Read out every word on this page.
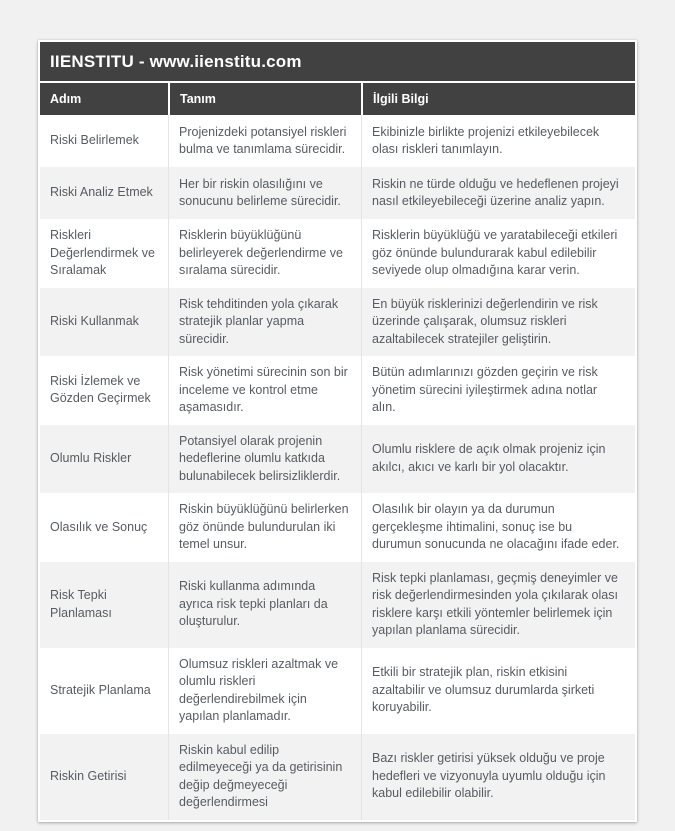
IIENSTITU - www.iienstitu.com
Adım	Tanım	İlgili Bilgi
Riski Belirlemek
Projenizdeki potansiyel riskleri bulma ve tanımlama sürecidir.
Ekibinizle birlikte projenizi etkileyebilecek olası riskleri tanımlayın.
Riski Analiz Etmek
Her bir riskin olasılığını ve sonucunu belirleme sürecidir.
Riskin ne türde olduğu ve hedeflenen projeyi nasıl etkileyebileceği üzerine analiz yapın.
Riskleri Değerlendirmek ve Sıralamak
Risklerin büyüklüğünü belirleyerek değerlendirme ve sıralama sürecidir.
Risklerin büyüklüğü ve yaratabileceği etkileri göz önünde bulundurarak kabul edilebilir seviyede olup olmadığına karar verin.
Riski Kullanmak
Risk tehditinden yola çıkarak stratejik planlar yapma sürecidir.
En büyük risklerinizi değerlendirin ve risk üzerinde çalışarak, olumsuz riskleri azaltabilecek stratejiler geliştirin.
Riski İzlemek ve Gözden Geçirmek
Risk yönetimi sürecinin son bir inceleme ve kontrol etme aşamasıdır.
Bütün adımlarınızı gözden geçirin ve risk yönetim sürecini iyileştirmek adına notlar alın.
Olumlu Riskler
Potansiyel olarak projenin hedeflerine olumlu katkıda bulunabilecek belirsizliklerdir.
Olumlu risklere de açık olmak projeniz için akılcı, akıcı ve karlı bir yol olacaktır.
Olasılık ve Sonuç
Riskin büyüklüğünü belirlerken göz önünde bulundurulan iki temel unsur.
Olasılık bir olayın ya da durumun gerçekleşme ihtimalini, sonuç ise bu durumun sonucunda ne olacağını ifade eder.
Risk Tepki Planlaması
Riski kullanma adımında ayrıca risk tepki planları da oluşturulur.
Risk tepki planlaması, geçmiş deneyimler ve risk değerlendirmesinden yola çıkılarak olası risklere karşı etkili yöntemler belirlemek için yapılan planlama sürecidir.
Stratejik Planlama
Olumsuz riskleri azaltmak ve olumlu riskleri değerlendirebilmek için yapılan planlamadır.
Etkili bir stratejik plan, riskin etkisini azaltabilir ve olumsuz durumlarda şirketi koruyabilir.
Riskin Getirisi
Riskin kabul edilip edilmeyeceği ya da getirisinin değip değmeyeceği değerlendirmesi
Bazı riskler getirisi yüksek olduğu ve proje hedefleri ve vizyonuyla uyumlu olduğu için kabul edilebilir olabilir.
